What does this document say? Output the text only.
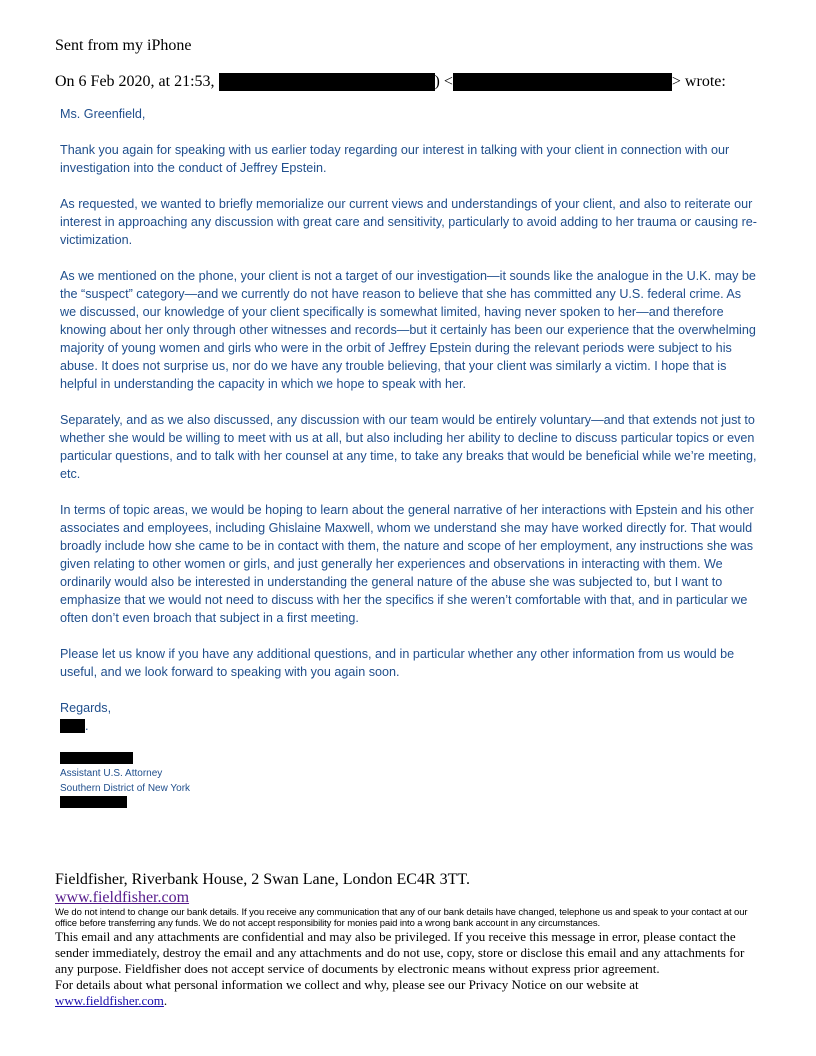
Sent from my iPhone
On 6 Feb 2020, at 21:53,	) <	> wrote:
Ms. Greenfield,

Thank you again for speaking with us earlier today regarding our interest in talking with your client in connection with our investigation into the conduct of Jeffrey Epstein.

As requested, we wanted to briefly memorialize our current views and understandings of your client, and also to reiterate our interest in approaching any discussion with great care and sensitivity, particularly to avoid adding to her trauma or causing re-victimization.

As we mentioned on the phone, your client is not a target of our investigation—it sounds like the analogue in the U.K. may be the “suspect” category—and we currently do not have reason to believe that she has committed any U.S. federal crime. As we discussed, our knowledge of your client specifically is somewhat limited, having never spoken to her—and therefore knowing about her only through other witnesses and records—but it certainly has been our experience that the overwhelming majority of young women and girls who were in the orbit of Jeffrey Epstein during the relevant periods were subject to his abuse. It does not surprise us, nor do we have any trouble believing, that your client was similarly a victim. I hope that is helpful in understanding the capacity in which we hope to speak with her.

Separately, and as we also discussed, any discussion with our team would be entirely voluntary—and that extends not just to whether she would be willing to meet with us at all, but also including her ability to decline to discuss particular topics or even particular questions, and to talk with her counsel at any time, to take any breaks that would be beneficial while we’re meeting, etc.

In terms of topic areas, we would be hoping to learn about the general narrative of her interactions with Epstein and his other associates and employees, including Ghislaine Maxwell, whom we understand she may have worked directly for. That would broadly include how she came to be in contact with them, the nature and scope of her employment, any instructions she was given relating to other women or girls, and just generally her experiences and observations in interacting with them. We ordinarily would also be interested in understanding the general nature of the abuse she was subjected to, but I want to emphasize that we would not need to discuss with her the specifics if she weren’t comfortable with that, and in particular we often don’t even broach that subject in a first meeting.

Please let us know if you have any additional questions, and in particular whether any other information from us would be useful, and we look forward to speaking with you again soon.

Regards,
.
Assistant U.S. Attorney
Southern District of New York
Fieldfisher, Riverbank House, 2 Swan Lane, London EC4R 3TT.
www.fieldfisher.com
We do not intend to change our bank details. If you receive any communication that any of our bank details have changed, telephone us and speak to your contact at our office before transferring any funds. We do not accept responsibility for monies paid into a wrong bank account in any circumstances.
This email and any attachments are confidential and may also be privileged. If you receive this message in error, please contact the sender immediately, destroy the email and any attachments and do not use, copy, store or disclose this email and any attachments for any purpose. Fieldfisher does not accept service of documents by electronic means without express prior agreement.
For details about what personal information we collect and why, please see our Privacy Notice on our website at
www.fieldfisher.com.
